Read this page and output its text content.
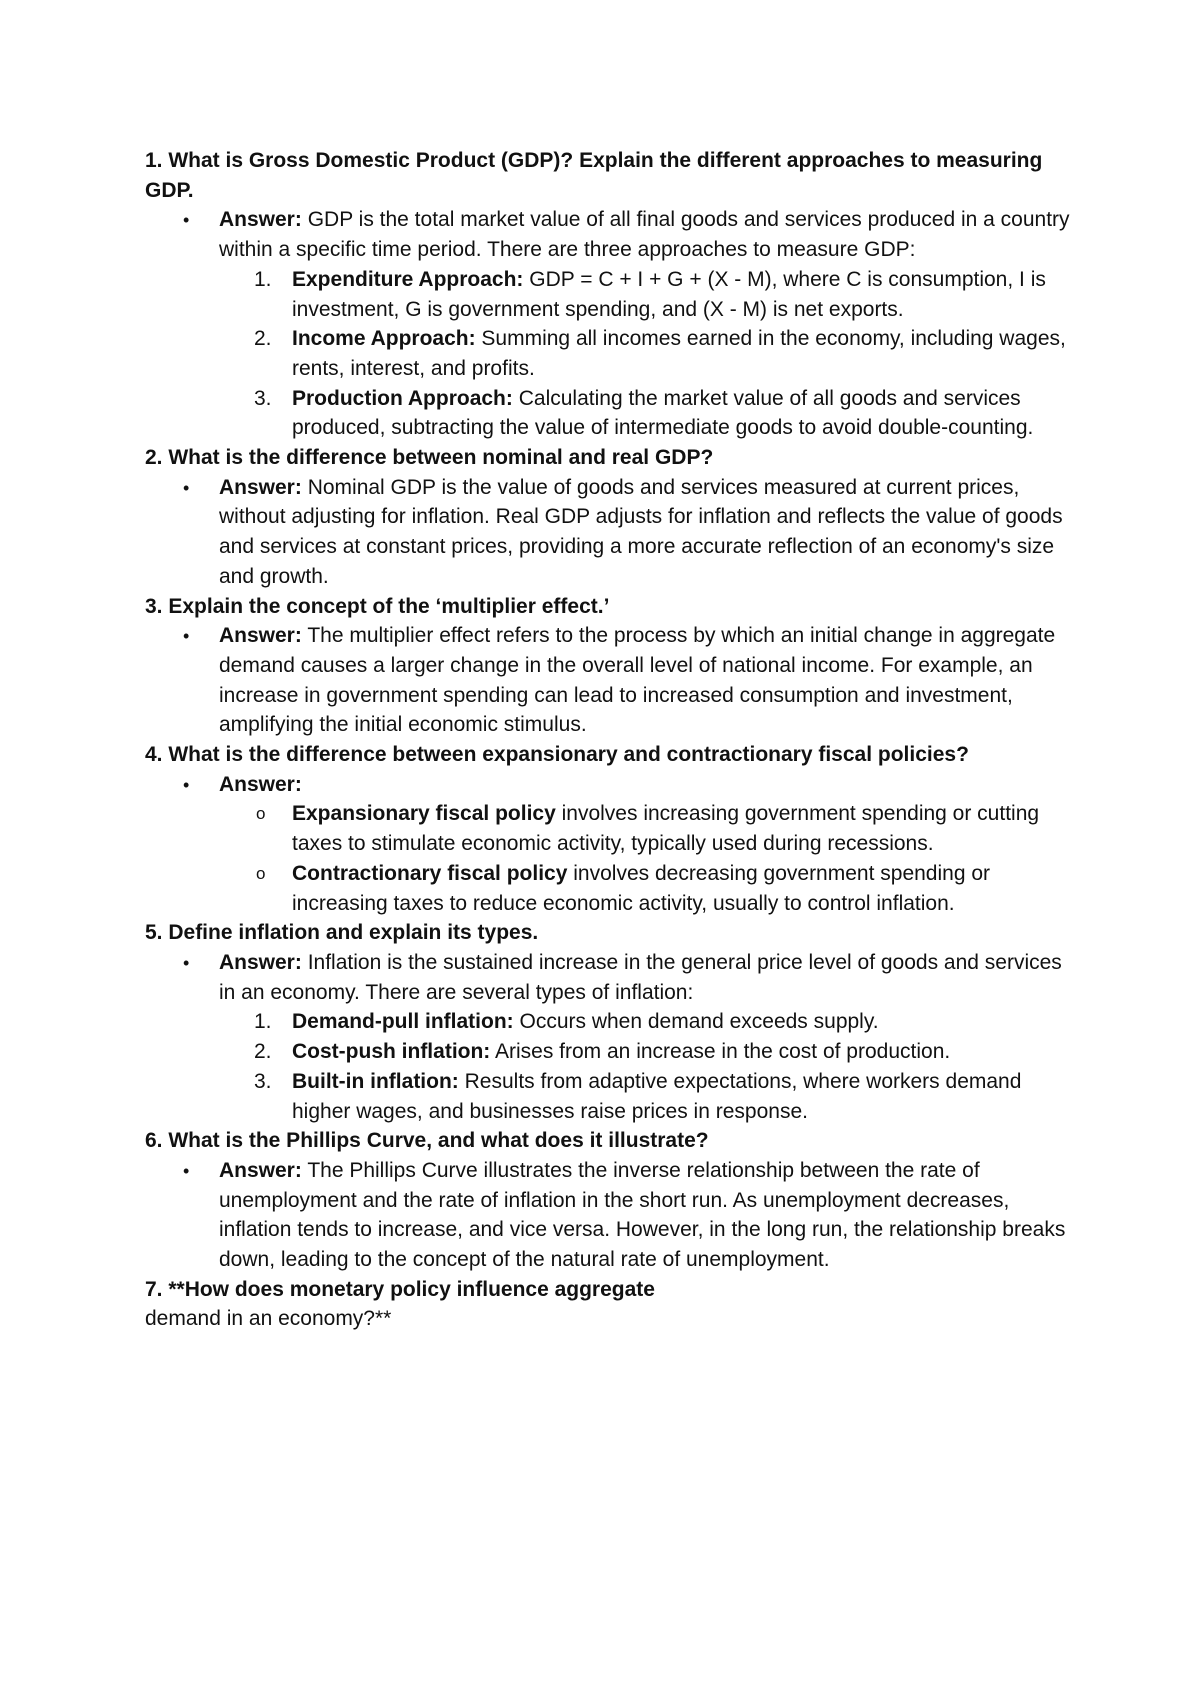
1. What is Gross Domestic Product (GDP)? Explain the different approaches to measuring GDP.

•
Answer: GDP is the total market value of all final goods and services produced in a country within a specific time period. There are three approaches to measure GDP:
1. Expenditure Approach: GDP = C + I + G + (X - M), where C is consumption, I is investment, G is government spending, and (X - M) is net exports.
2. Income Approach: Summing all incomes earned in the economy, including wages, rents, interest, and profits.
3. Production Approach: Calculating the market value of all goods and services produced, subtracting the value of intermediate goods to avoid double-counting.

2. What is the difference between nominal and real GDP?

•
Answer: Nominal GDP is the value of goods and services measured at current prices, without adjusting for inflation. Real GDP adjusts for inflation and reflects the value of goods and services at constant prices, providing a more accurate reflection of an economy's size and growth.

3. Explain the concept of the ‘multiplier effect.’

•
Answer: The multiplier effect refers to the process by which an initial change in aggregate demand causes a larger change in the overall level of national income. For example, an increase in government spending can lead to increased consumption and investment, amplifying the initial economic stimulus.

4. What is the difference between expansionary and contractionary fiscal policies?

•
Answer:
o Expansionary fiscal policy involves increasing government spending or cutting taxes to stimulate economic activity, typically used during recessions.
o Contractionary fiscal policy involves decreasing government spending or increasing taxes to reduce economic activity, usually to control inflation.

5. Define inflation and explain its types.

•
Answer: Inflation is the sustained increase in the general price level of goods and services in an economy. There are several types of inflation:
1. Demand-pull inflation: Occurs when demand exceeds supply.
2. Cost-push inflation: Arises from an increase in the cost of production.
3. Built-in inflation: Results from adaptive expectations, where workers demand higher wages, and businesses raise prices in response.

6. What is the Phillips Curve, and what does it illustrate?

•
Answer: The Phillips Curve illustrates the inverse relationship between the rate of unemployment and the rate of inflation in the short run. As unemployment decreases, inflation tends to increase, and vice versa. However, in the long run, the relationship breaks down, leading to the concept of the natural rate of unemployment.

7. **How does monetary policy influence aggregate

demand in an economy?**
